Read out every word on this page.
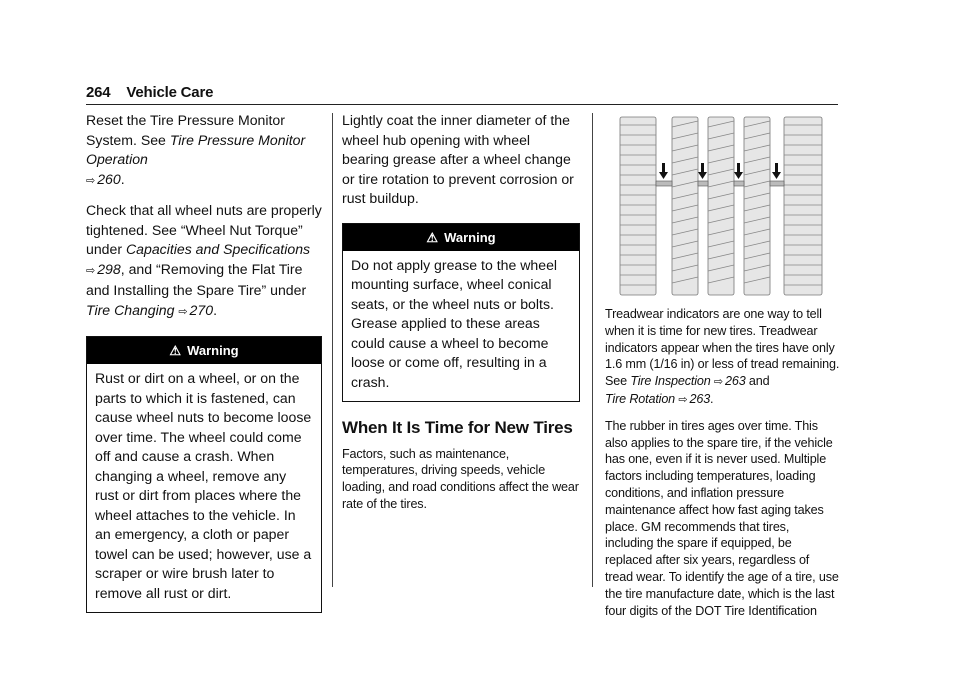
264 Vehicle Care

Reset the Tire Pressure Monitor System. See Tire Pressure Monitor Operation
⇨ 260.

Check that all wheel nuts are properly tightened. See “Wheel Nut Torque” under Capacities and Specifications
⇨ 298, and “Removing the Flat Tire and Installing the Spare Tire” under Tire Changing ⇨ 270.

⚠ Warning
Rust or dirt on a wheel, or on the parts to which it is fastened, can cause wheel nuts to become loose over time. The wheel could come off and cause a crash. When changing a wheel, remove any rust or dirt from places where the wheel attaches to the vehicle. In an emergency, a cloth or paper towel can be used; however, use a scraper or wire brush later to remove all rust or dirt.

Lightly coat the inner diameter of the wheel hub opening with wheel bearing grease after a wheel change or tire rotation to prevent corrosion or rust buildup.

⚠ Warning
Do not apply grease to the wheel mounting surface, wheel conical seats, or the wheel nuts or bolts. Grease applied to these areas could cause a wheel to become loose or come off, resulting in a crash.
When It Is Time for New Tires

Factors, such as maintenance, temperatures, driving speeds, vehicle loading, and road conditions affect the wear rate of the tires.

Treadwear indicators are one way to tell when it is time for new tires. Treadwear indicators appear when the tires have only 1.6 mm (1/16 in) or less of tread remaining. See Tire Inspection ⇨ 263 and
Tire Rotation ⇨ 263.

The rubber in tires ages over time. This also applies to the spare tire, if the vehicle has one, even if it is never used. Multiple factors including temperatures, loading conditions, and inflation pressure maintenance affect how fast aging takes place. GM recommends that tires, including the spare if equipped, be replaced after six years, regardless of tread wear. To identify the age of a tire, use the tire manufacture date, which is the last four digits of the DOT Tire Identification
